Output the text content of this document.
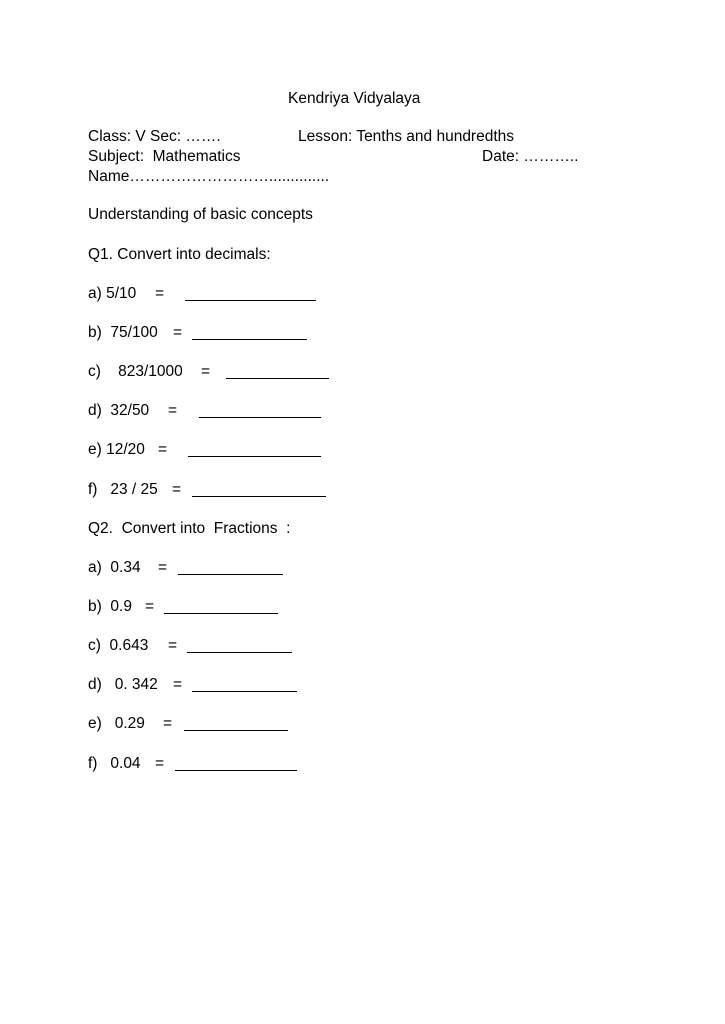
Kendriya Vidyalaya
Class: V Sec: …….	Lesson: Tenths and hundredths
Subject:  Mathematics	Date: ………..
Name………………………..............
Understanding of basic concepts
Q1. Convert into decimals:
a) 5/10 =
b)  75/100 =
c)    823/1000 =
d)  32/50 =
e) 12/20 =
f)   23 / 25 =
Q2.  Convert into  Fractions  :
a)  0.34 =
b)  0.9 =
c)  0.643 =
d)   0. 342 =
e)   0.29 =
f)   0.04 =
